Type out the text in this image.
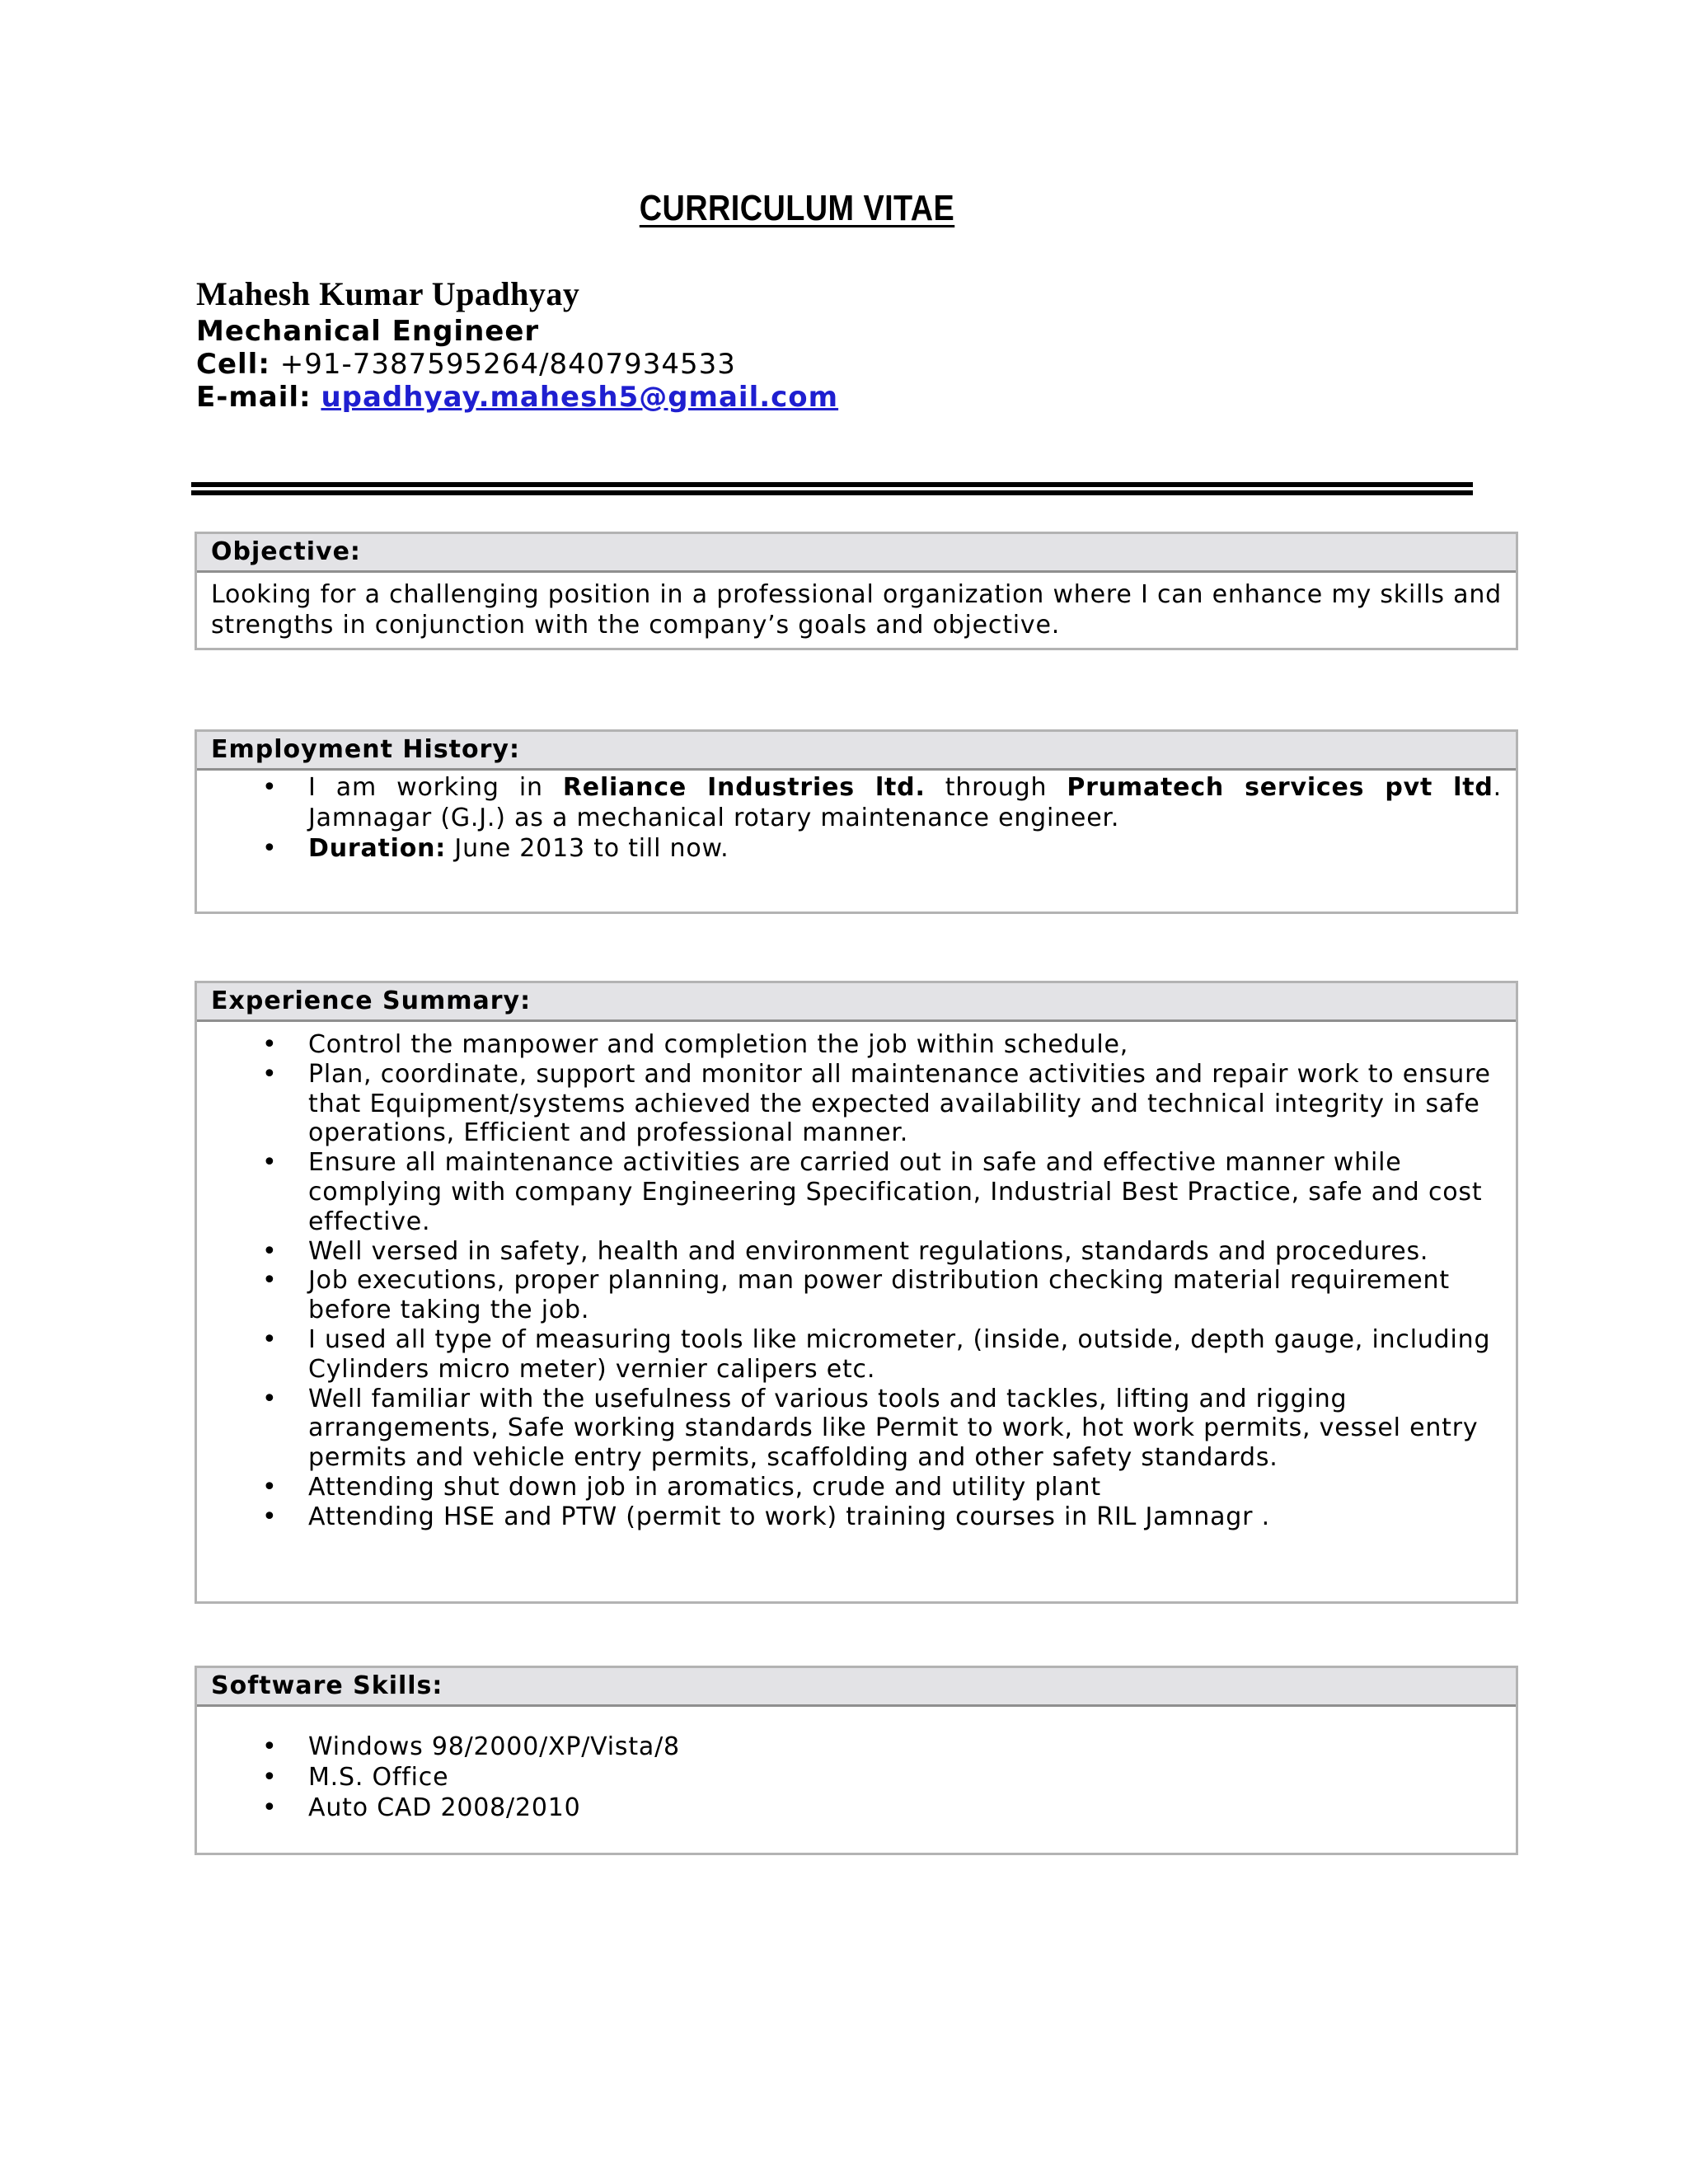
CURRICULUM VITAE
Mahesh Kumar Upadhyay
Mechanical Engineer
Cell: +91-7387595264/8407934533
E-mail: upadhyay.mahesh5@gmail.com
Objective:
Looking for a challenging position in a professional organization where I can enhance my skills and strengths in conjunction with the company’s goals and objective.
Employment History:
• I am working in Reliance Industries ltd. through Prumatech services pvt ltd. Jamnagar (G.J.) as a mechanical rotary maintenance engineer.
• Duration: June 2013 to till now.
Experience Summary:
• Control the manpower and completion the job within schedule,
• Plan, coordinate, support and monitor all maintenance activities and repair work to ensure that Equipment/systems achieved the expected availability and technical integrity in safe operations, Efficient and professional manner.
• Ensure all maintenance activities are carried out in safe and effective manner while complying with company Engineering Specification, Industrial Best Practice, safe and cost effective.
• Well versed in safety, health and environment regulations, standards and procedures.
• Job executions, proper planning, man power distribution checking material requirement before taking the job.
• I used all type of measuring tools like micrometer, (inside, outside, depth gauge, including Cylinders micro meter) vernier calipers etc.
• Well familiar with the usefulness of various tools and tackles, lifting and rigging arrangements, Safe working standards like Permit to work, hot work permits, vessel entry permits and vehicle entry permits, scaffolding and other safety standards.
• Attending shut down job in aromatics, crude and utility plant
• Attending HSE and PTW (permit to work) training courses in RIL Jamnagr .
Software Skills:
• Windows 98/2000/XP/Vista/8
• M.S. Office
• Auto CAD 2008/2010
